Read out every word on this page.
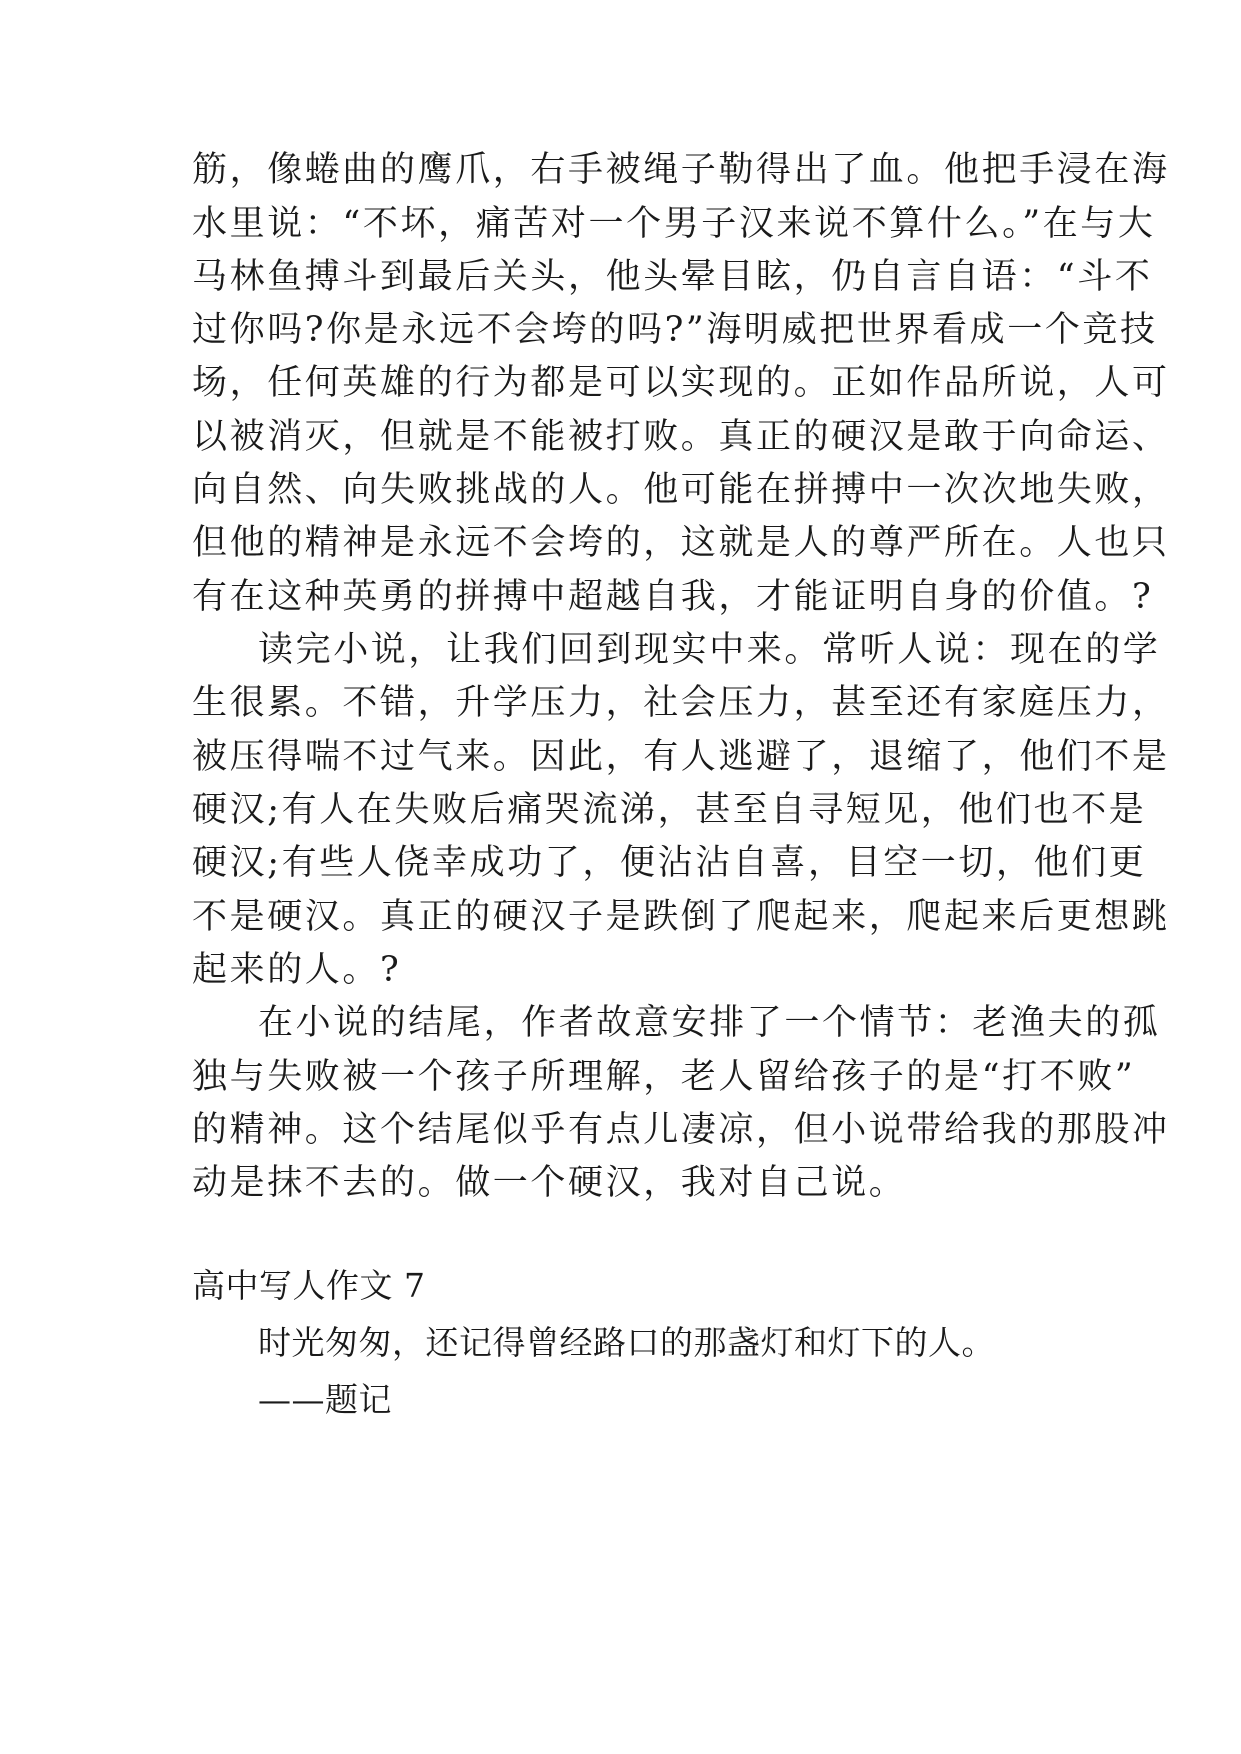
筋，像蜷曲的鹰爪，右手被绳子勒得出了血。他把手浸在海
水里说：“不坏，痛苦对一个男子汉来说不算什么。”在与大
马林鱼搏斗到最后关头，他头晕目眩，仍自言自语：“斗不
过你吗?你是永远不会垮的吗?”海明威把世界看成一个竞技
场，任何英雄的行为都是可以实现的。正如作品所说，人可
以被消灭，但就是不能被打败。真正的硬汉是敢于向命运、
向自然、向失败挑战的人。他可能在拼搏中一次次地失败，
但他的精神是永远不会垮的，这就是人的尊严所在。人也只
有在这种英勇的拼搏中超越自我，才能证明自身的价值。?
读完小说，让我们回到现实中来。常听人说：现在的学
生很累。不错，升学压力，社会压力，甚至还有家庭压力，
被压得喘不过气来。因此，有人逃避了，退缩了，他们不是
硬汉;有人在失败后痛哭流涕，甚至自寻短见，他们也不是
硬汉;有些人侥幸成功了，便沾沾自喜，目空一切，他们更
不是硬汉。真正的硬汉子是跌倒了爬起来，爬起来后更想跳
起来的人。?
在小说的结尾，作者故意安排了一个情节：老渔夫的孤
独与失败被一个孩子所理解，老人留给孩子的是“打不败”
的精神。这个结尾似乎有点儿凄凉，但小说带给我的那股冲
动是抹不去的。做一个硬汉，我对自己说。
高中写人作文 7
时光匆匆，还记得曾经路口的那盏灯和灯下的人。
——题记
